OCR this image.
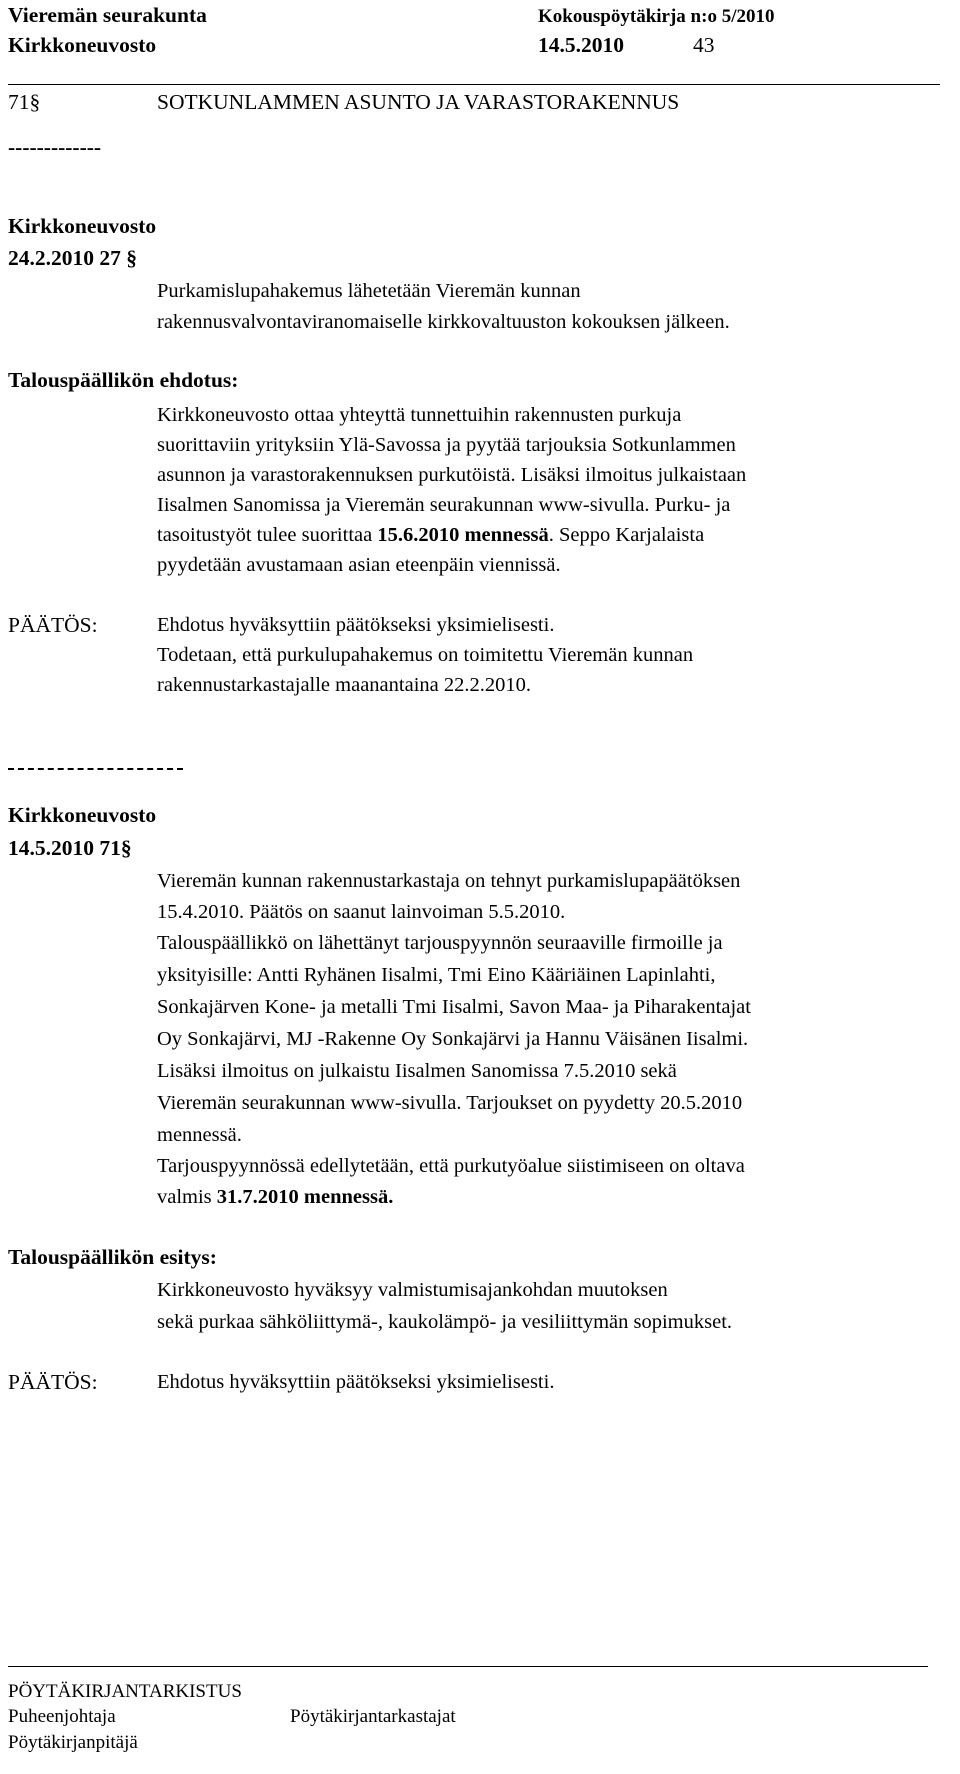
Vieremän seurakunta	Kokouspöytäkirja n:o 5/2010
Kirkkoneuvosto	14.5.2010	43
71§	SOTKUNLAMMEN ASUNTO JA VARASTORAKENNUS
-------------
Kirkkoneuvosto
24.2.2010 27 §
Purkamislupahakemus lähetetään Vieremän kunnan
rakennusvalvontaviranomaiselle kirkkovaltuuston kokouksen jälkeen.
Talouspäällikön ehdotus:
Kirkkoneuvosto ottaa yhteyttä tunnettuihin rakennusten purkuja
suorittaviin yrityksiin Ylä-Savossa ja pyytää tarjouksia Sotkunlammen
asunnon ja varastorakennuksen purkutöistä. Lisäksi ilmoitus julkaistaan
Iisalmen Sanomissa ja Vieremän seurakunnan www-sivulla. Purku- ja
tasoitustyöt tulee suorittaa 15.6.2010 mennessä. Seppo Karjalaista
pyydetään avustamaan asian eteenpäin viennissä.
PÄÄTÖS:	Ehdotus hyväksyttiin päätökseksi yksimielisesti.
Todetaan, että purkulupahakemus on toimitettu Vieremän kunnan
rakennustarkastajalle maanantaina 22.2.2010.
Kirkkoneuvosto
14.5.2010 71§
Vieremän kunnan rakennustarkastaja on tehnyt purkamislupapäätöksen
15.4.2010. Päätös on saanut lainvoiman 5.5.2010.
Talouspäällikkö on lähettänyt tarjouspyynnön seuraaville firmoille ja
yksityisille: Antti Ryhänen Iisalmi, Tmi Eino Kääriäinen Lapinlahti,
Sonkajärven Kone- ja metalli Tmi Iisalmi, Savon Maa- ja Piharakentajat
Oy Sonkajärvi, MJ -Rakenne Oy Sonkajärvi ja Hannu Väisänen Iisalmi.
Lisäksi ilmoitus on julkaistu Iisalmen Sanomissa 7.5.2010 sekä
Vieremän seurakunnan www-sivulla. Tarjoukset on pyydetty 20.5.2010
mennessä.
Tarjouspyynnössä edellytetään, että purkutyöalue siistimiseen on oltava
valmis 31.7.2010 mennessä.
Talouspäällikön esitys:
Kirkkoneuvosto hyväksyy valmistumisajankohdan muutoksen
sekä purkaa sähköliittymä-, kaukolämpö- ja vesiliittymän sopimukset.
PÄÄTÖS:	Ehdotus hyväksyttiin päätökseksi yksimielisesti.
PÖYTÄKIRJANTARKISTUS
Puheenjohtaja	Pöytäkirjantarkastajat
Pöytäkirjanpitäjä
